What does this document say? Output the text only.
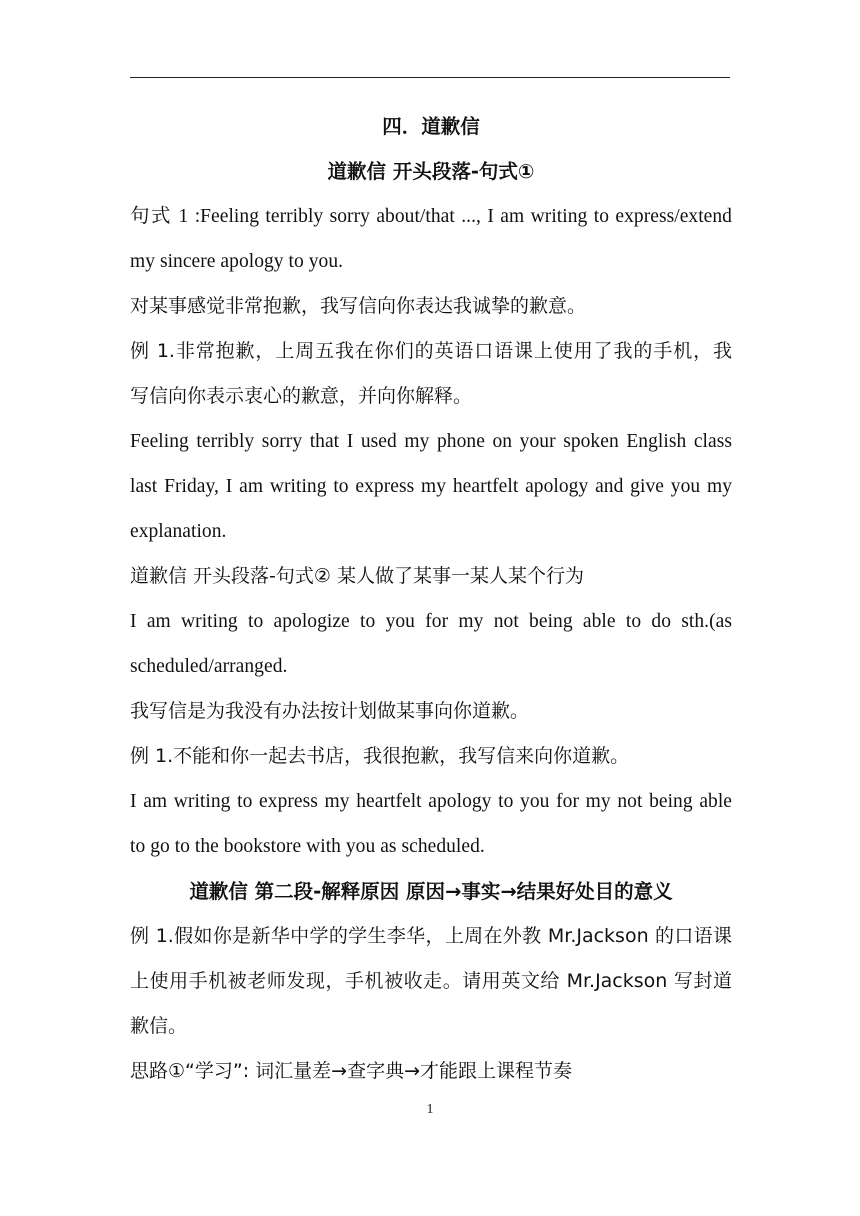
四．道歉信
道歉信 开头段落-句式①
句式 1 :Feeling terribly sorry about/that ..., I am writing to express/extend
my sincere apology to you.
对某事感觉非常抱歉，我写信向你表达我诚挚的歉意。
例 1.非常抱歉，上周五我在你们的英语口语课上使用了我的手机，我
写信向你表示衷心的歉意，并向你解释。
Feeling terribly sorry that I used my phone on your spoken English class
last Friday, I am writing to express my heartfelt apology and give you my
explanation.
道歉信 开头段落-句式② 某人做了某事一某人某个行为
I am writing to apologize to you for my not being able to do sth.(as
scheduled/arranged.
我写信是为我没有办法按计划做某事向你道歉。
例 1.不能和你一起去书店，我很抱歉，我写信来向你道歉。
I am writing to express my heartfelt apology to you for my not being able
to go to the bookstore with you as scheduled.
道歉信 第二段-解释原因 原因→事实→结果好处目的意义
例 1.假如你是新华中学的学生李华，上周在外教 Mr.Jackson 的口语课
上使用手机被老师发现，手机被收走。请用英文给 Mr.Jackson 写封道
歉信。
思路①“学习”: 词汇量差→查字典→才能跟上课程节奏
1
